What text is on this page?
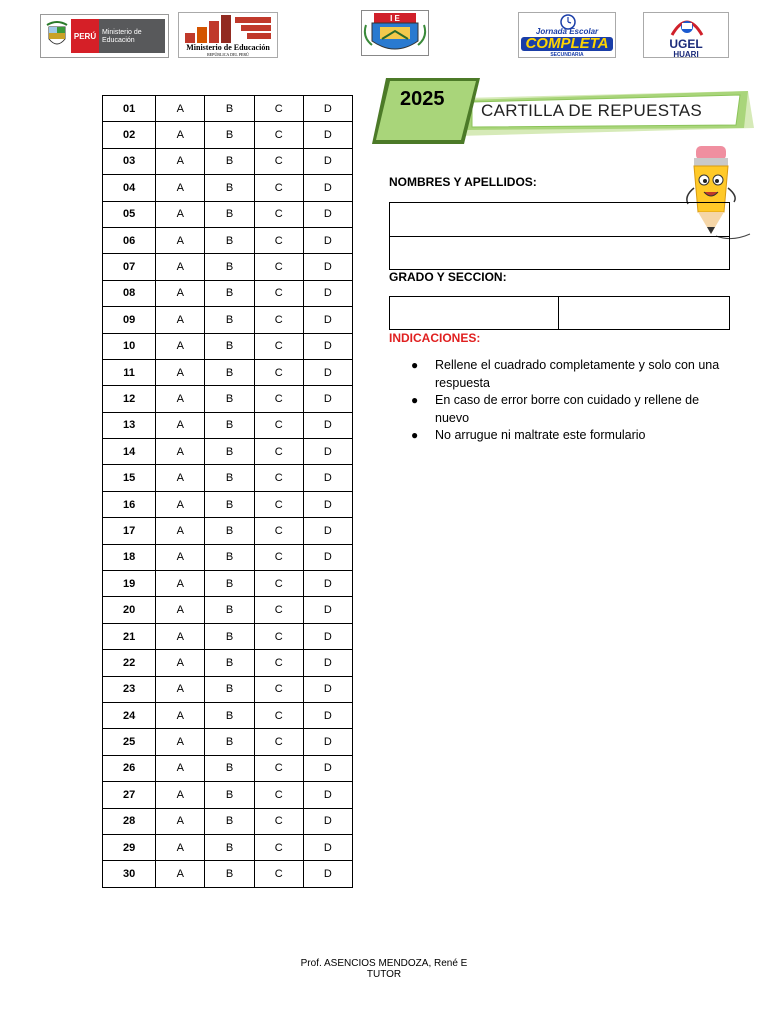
PERÚ Ministerio de Educación
Ministerio de Educación
REPÚBLICA DEL PERÚ
I E
Jornada Escolar
COMPLETA
SECUNDARIA
UGEL
HUARI
01	A	B	C	D
02	A	B	C	D
03	A	B	C	D
04	A	B	C	D
05	A	B	C	D
06	A	B	C	D
07	A	B	C	D
08	A	B	C	D
09	A	B	C	D
10	A	B	C	D
11	A	B	C	D
12	A	B	C	D
13	A	B	C	D
14	A	B	C	D
15	A	B	C	D
16	A	B	C	D
17	A	B	C	D
18	A	B	C	D
19	A	B	C	D
20	A	B	C	D
21	A	B	C	D
22	A	B	C	D
23	A	B	C	D
24	A	B	C	D
25	A	B	C	D
26	A	B	C	D
27	A	B	C	D
28	A	B	C	D
29	A	B	C	D
30	A	B	C	D
2025
CARTILLA DE REPUESTAS
NOMBRES Y APELLIDOS:
GRADO Y SECCION:
INDICACIONES:
● Rellene el cuadrado completamente y solo con una respuesta
● En caso de error borre con cuidado y rellene de nuevo
● No arrugue ni maltrate este formulario
Prof. ASENCIOS MENDOZA, René E
TUTOR
